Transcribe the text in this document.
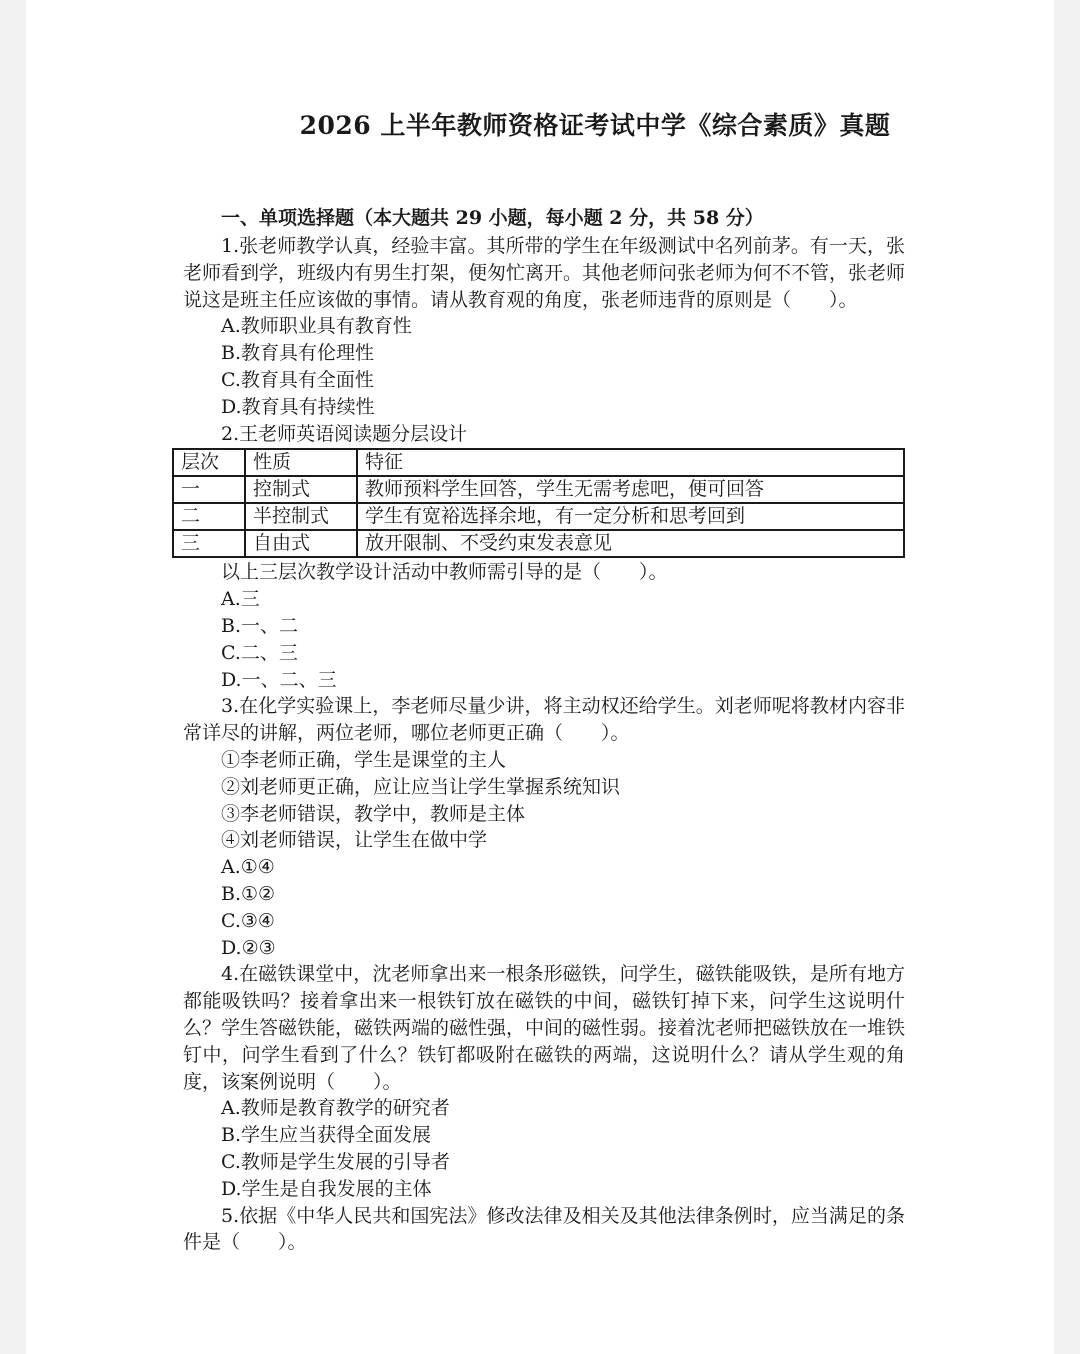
2026 上半年教师资格证考试中学《综合素质》真题

一、单项选择题（本大题共 29 小题，每小题 2 分，共 58 分）

1.张老师教学认真，经验丰富。其所带的学生在年级测试中名列前茅。有一天，张老师看到学，班级内有男生打架，便匆忙离开。其他老师问张老师为何不不管，张老师说这是班主任应该做的事情。请从教育观的角度，张老师违背的原则是（　　）。

A.教师职业具有教育性

B.教育具有伦理性

C.教育具有全面性

D.教育具有持续性

2.王老师英语阅读题分层设计

层次	性质	特征
一	控制式	教师预料学生回答，学生无需考虑吧，便可回答
二	半控制式	学生有宽裕选择余地，有一定分析和思考回到
三	自由式	放开限制、不受约束发表意见

以上三层次教学设计活动中教师需引导的是（　　）。

A.三

B.一、二

C.二、三

D.一、二、三

3.在化学实验课上，李老师尽量少讲，将主动权还给学生。刘老师呢将教材内容非常详尽的讲解，两位老师，哪位老师更正确（　　）。

①李老师正确，学生是课堂的主人

②刘老师更正确，应让应当让学生掌握系统知识

③李老师错误，教学中，教师是主体

④刘老师错误，让学生在做中学

A.①④

B.①②

C.③④

D.②③

4.在磁铁课堂中，沈老师拿出来一根条形磁铁，问学生，磁铁能吸铁，是所有地方都能吸铁吗？接着拿出来一根铁钉放在磁铁的中间，磁铁钉掉下来，问学生这说明什么？学生答磁铁能，磁铁两端的磁性强，中间的磁性弱。接着沈老师把磁铁放在一堆铁钉中，问学生看到了什么？铁钉都吸附在磁铁的两端，这说明什么？请从学生观的角度，该案例说明（　　）。

A.教师是教育教学的研究者

B.学生应当获得全面发展

C.教师是学生发展的引导者

D.学生是自我发展的主体

5.依据《中华人民共和国宪法》修改法律及相关及其他法律条例时，应当满足的条件是（　　）。
